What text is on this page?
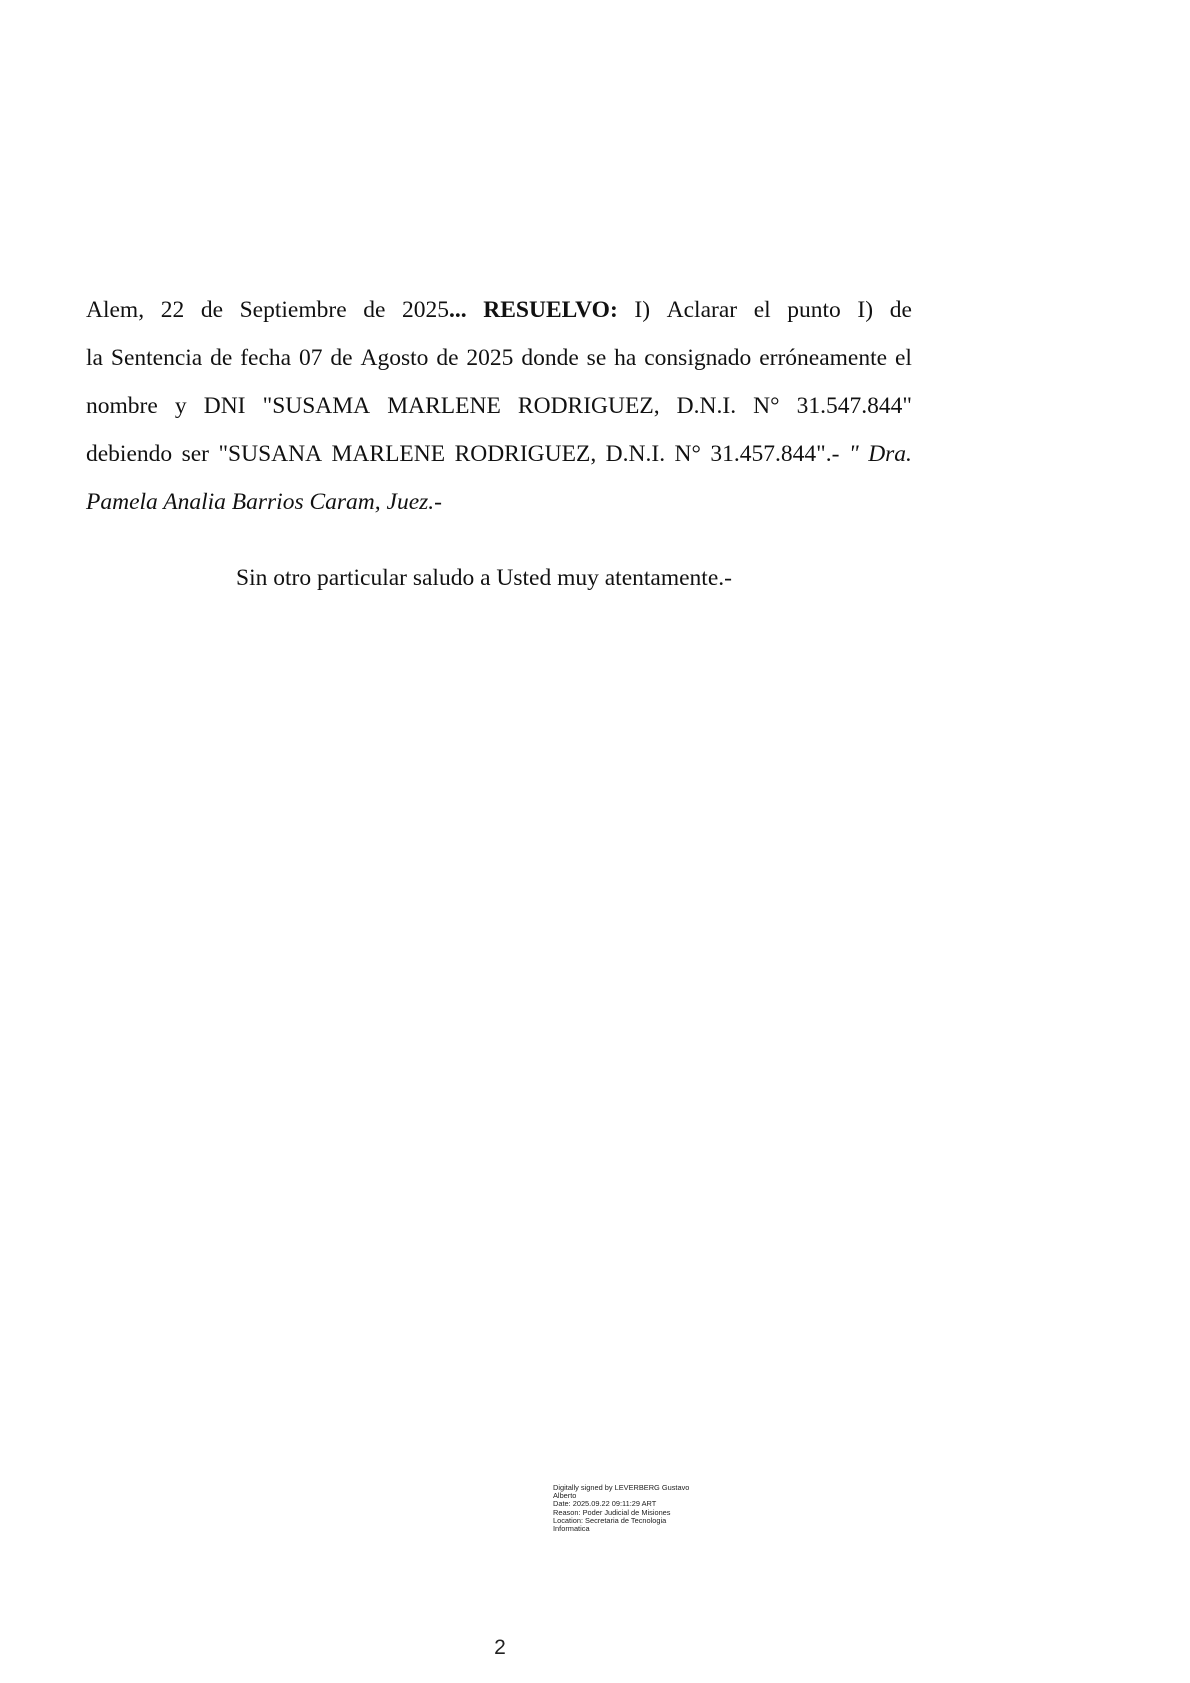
Alem, 22 de Septiembre de 2025... RESUELVO: I) Aclarar el punto I) de
la Sentencia de fecha 07 de Agosto de 2025 donde se ha consignado erróneamente el
nombre y DNI "SUSAMA MARLENE RODRIGUEZ, D.N.I. N° 31.547.844"
debiendo ser "SUSANA MARLENE RODRIGUEZ, D.N.I. N° 31.457.844".- " Dra.
Pamela Analia Barrios Caram, Juez.-
Sin otro particular saludo a Usted muy atentamente.-
Digitally signed by LEVERBERG Gustavo
Alberto
Date: 2025.09.22 09:11:29 ART
Reason: Poder Judicial de Misiones
Location: Secretaria de Tecnologia
Informatica
2
